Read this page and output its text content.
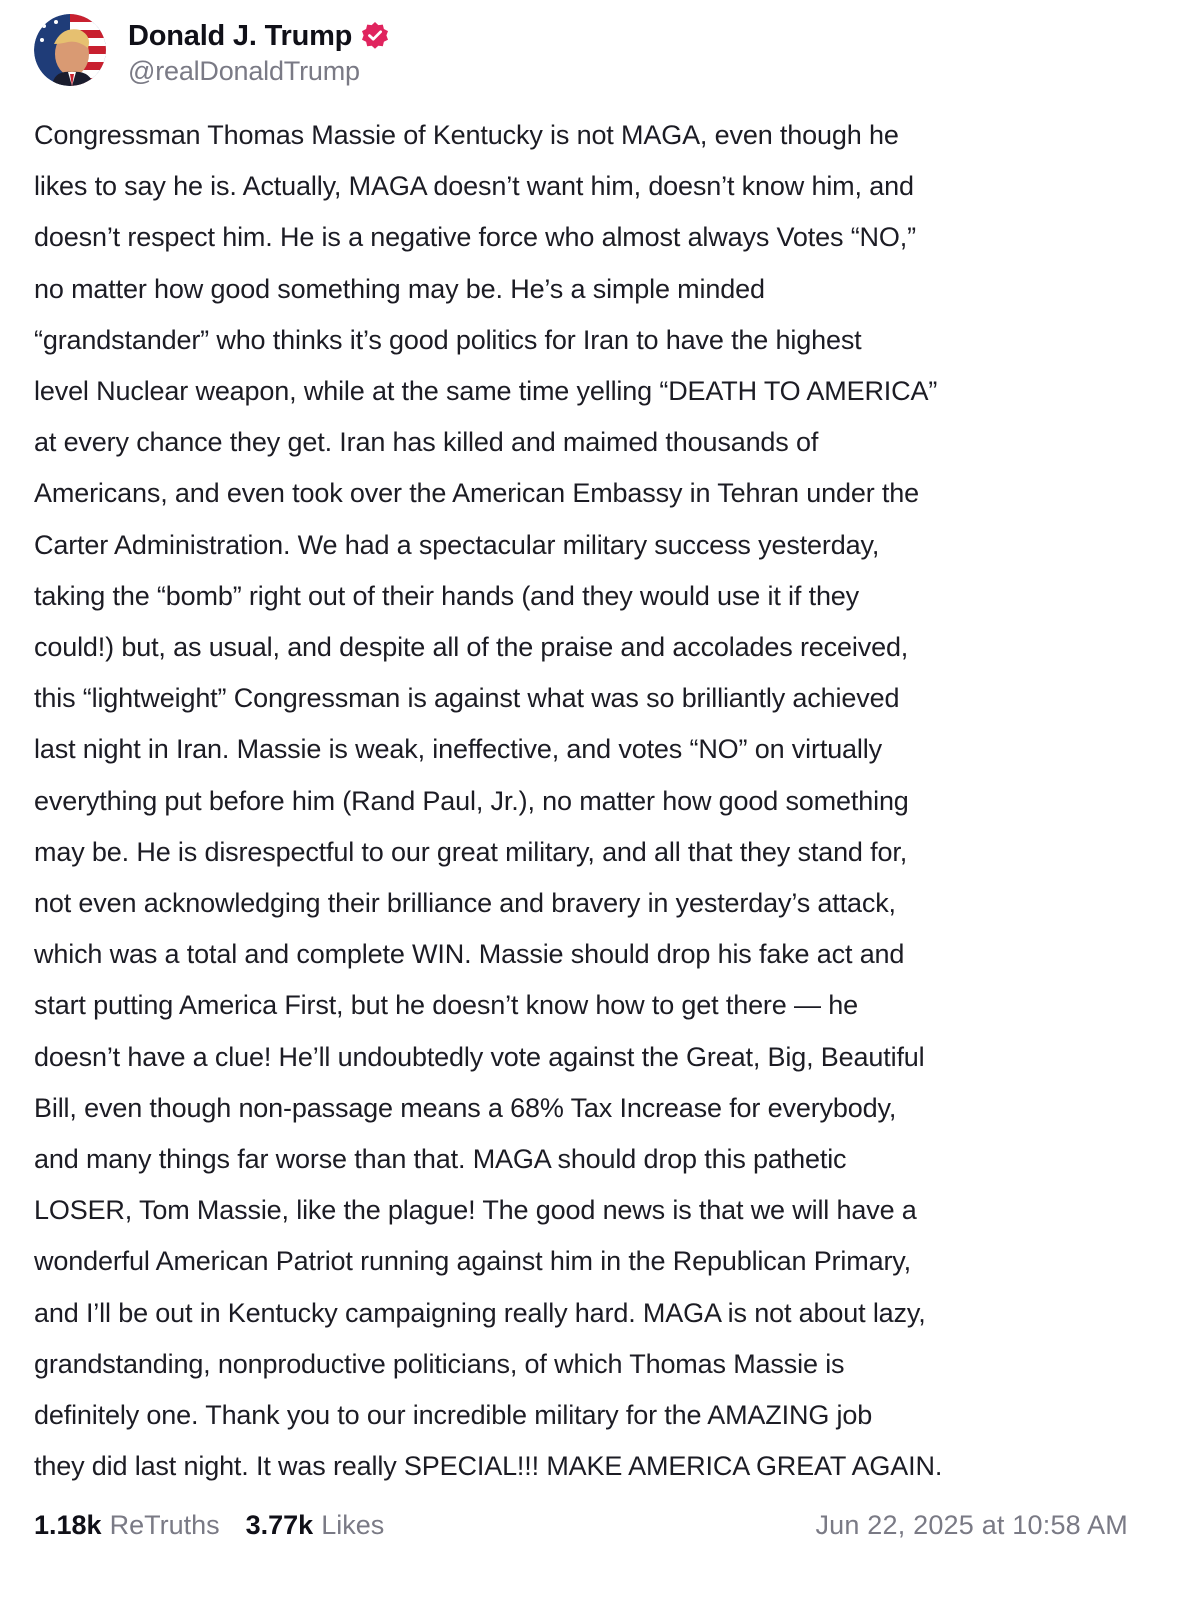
Donald J. Trump
@realDonaldTrump
Congressman Thomas Massie of Kentucky is not MAGA, even though he
likes to say he is. Actually, MAGA doesn’t want him, doesn’t know him, and
doesn’t respect him. He is a negative force who almost always Votes “NO,”
no matter how good something may be. He’s a simple minded
“grandstander” who thinks it’s good politics for Iran to have the highest
level Nuclear weapon, while at the same time yelling “DEATH TO AMERICA”
at every chance they get. Iran has killed and maimed thousands of
Americans, and even took over the American Embassy in Tehran under the
Carter Administration. We had a spectacular military success yesterday,
taking the “bomb” right out of their hands (and they would use it if they
could!) but, as usual, and despite all of the praise and accolades received,
this “lightweight” Congressman is against what was so brilliantly achieved
last night in Iran. Massie is weak, ineffective, and votes “NO” on virtually
everything put before him (Rand Paul, Jr.), no matter how good something
may be. He is disrespectful to our great military, and all that they stand for,
not even acknowledging their brilliance and bravery in yesterday’s attack,
which was a total and complete WIN. Massie should drop his fake act and
start putting America First, but he doesn’t know how to get there — he
doesn’t have a clue! He’ll undoubtedly vote against the Great, Big, Beautiful
Bill, even though non-passage means a 68% Tax Increase for everybody,
and many things far worse than that. MAGA should drop this pathetic
LOSER, Tom Massie, like the plague! The good news is that we will have a
wonderful American Patriot running against him in the Republican Primary,
and I’ll be out in Kentucky campaigning really hard. MAGA is not about lazy,
grandstanding, nonproductive politicians, of which Thomas Massie is
definitely one. Thank you to our incredible military for the AMAZING job
they did last night. It was really SPECIAL!!! MAKE AMERICA GREAT AGAIN.
1.18k ReTruths 3.77k Likes	Jun 22, 2025 at 10:58 AM
